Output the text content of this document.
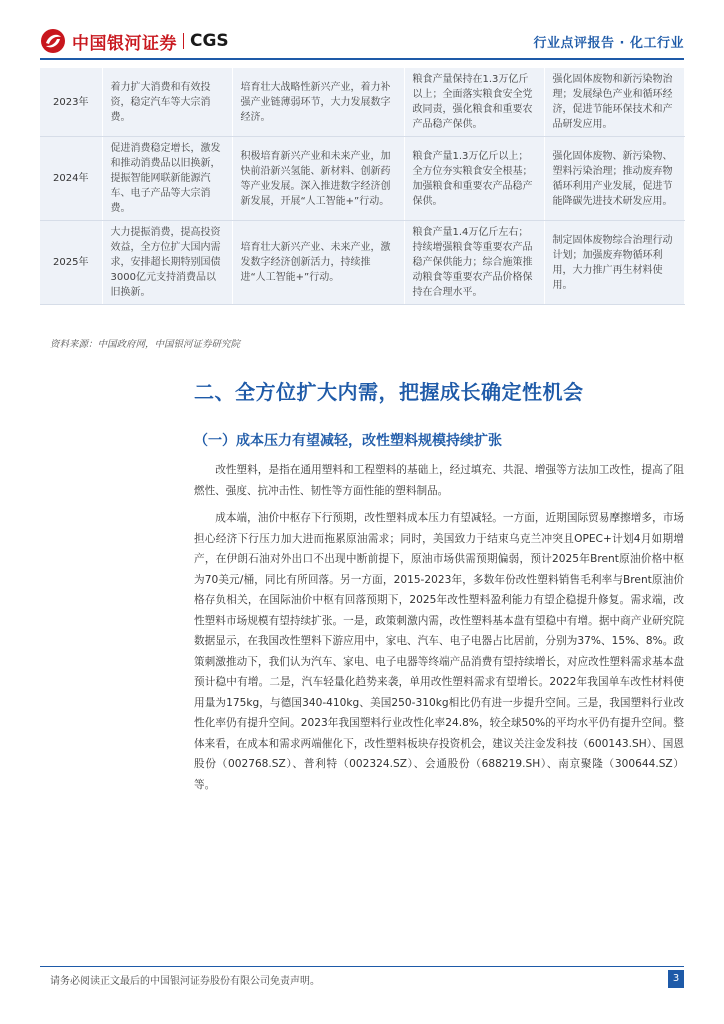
中国银河证券 CGS	行业点评报告 · 化工行业
2023年	着力扩大消费和有效投资，稳定汽车等大宗消费。	培育壮大战略性新兴产业，着力补强产业链薄弱环节，大力发展数字经济。	粮食产量保持在1.3万亿斤以上；全面落实粮食安全党政同责，强化粮食和重要农产品稳产保供。	强化固体废物和新污染物治理；发展绿色产业和循环经济，促进节能环保技术和产品研发应用。
2024年	促进消费稳定增长，激发和推动消费品以旧换新，提振智能网联新能源汽车、电子产品等大宗消费。	积极培育新兴产业和未来产业，加快前沿新兴氢能、新材料、创新药等产业发展。深入推进数字经济创新发展，开展“人工智能+”行动。	粮食产量1.3万亿斤以上；全方位夯实粮食安全根基；加强粮食和重要农产品稳产保供。	强化固体废物、新污染物、塑料污染治理；推动废弃物循环利用产业发展，促进节能降碳先进技术研发应用。
2025年	大力提振消费，提高投资效益，全方位扩大国内需求，安排超长期特别国债3000亿元支持消费品以旧换新。	培育壮大新兴产业、未来产业，激发数字经济创新活力，持续推进“人工智能+”行动。	粮食产量1.4万亿斤左右；持续增强粮食等重要农产品稳产保供能力；综合施策推动粮食等重要农产品价格保持在合理水平。	制定固体废物综合治理行动计划；加强废弃物循环利用，大力推广再生材料使用。
资料来源：中国政府网，中国银河证券研究院
二、全方位扩大内需，把握成长确定性机会
（一）成本压力有望减轻，改性塑料规模持续扩张

改性塑料，是指在通用塑料和工程塑料的基础上，经过填充、共混、增强等方法加工改性，提高了阻燃性、强度、抗冲击性、韧性等方面性能的塑料制品。

成本端，油价中枢存下行预期，改性塑料成本压力有望减轻。一方面，近期国际贸易摩擦增多，市场担心经济下行压力加大进而拖累原油需求；同时，美国致力于结束乌克兰冲突且OPEC+计划4月如期增产，在伊朗石油对外出口不出现中断前提下，原油市场供需预期偏弱，预计2025年Brent原油价格中枢为70美元/桶，同比有所回落。另一方面，2015-2023年，多数年份改性塑料销售毛利率与Brent原油价格存负相关，在国际油价中枢有回落预期下，2025年改性塑料盈利能力有望企稳提升修复。需求端，改性塑料市场规模有望持续扩张。一是，政策刺激内需，改性塑料基本盘有望稳中有增。据中商产业研究院数据显示，在我国改性塑料下游应用中，家电、汽车、电子电器占比居前，分别为37%、15%、8%。政策刺激推动下，我们认为汽车、家电、电子电器等终端产品消费有望持续增长，对应改性塑料需求基本盘预计稳中有增。二是，汽车轻量化趋势来袭，单用改性塑料需求有望增长。2022年我国单车改性材料使用量为175kg，与德国340-410kg、美国250-310kg相比仍有进一步提升空间。三是，我国塑料行业改性化率仍有提升空间。2023年我国塑料行业改性化率24.8%，较全球50%的平均水平仍有提升空间。整体来看，在成本和需求两端催化下，改性塑料板块存投资机会，建议关注金发科技（600143.SH）、国恩股份（002768.SZ）、普利特（002324.SZ）、会通股份（688219.SH）、南京聚隆（300644.SZ）等。

请务必阅读正文最后的中国银河证券股份有限公司免责声明。	3
